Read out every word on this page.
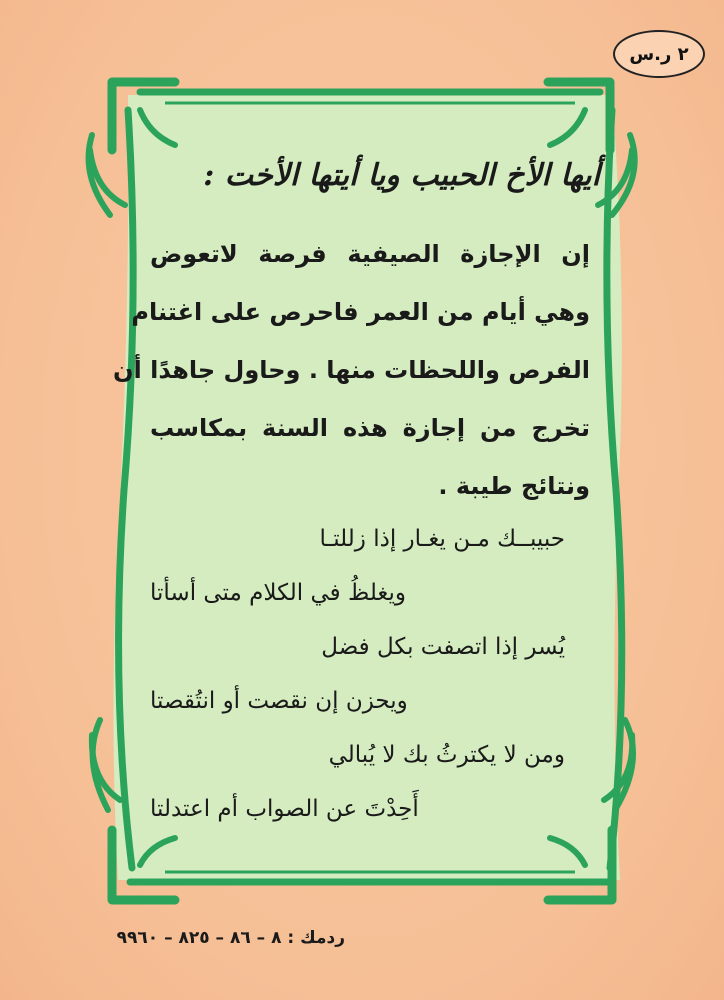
٢ ر.س
أيها الأخ الحبيب ويا أيتها الأخت :
إن الإجازة الصيفية فرصة لاتعوض
وهي أيام من العمر فاحرص على اغتنام
الفرص واللحظات منها . وحاول جاهدًا أن
تخرج من إجازة هذه السنة بمكاسب
ونتائج طيبة .
حبيبــك مـن يغـار إذا زللتـا
ويغلظُ في الكلام متى أسأتا
يُسر إذا اتصفت بكل فضل
ويحزن إن نقصت أو انتُقصتا
ومن لا يكترثُ بك لا يُبالي
أَحِدْتَ عن الصواب أم اعتدلتا
ردمك : ٨ – ٨٦ – ٨٢٥ – ٩٩٦٠
